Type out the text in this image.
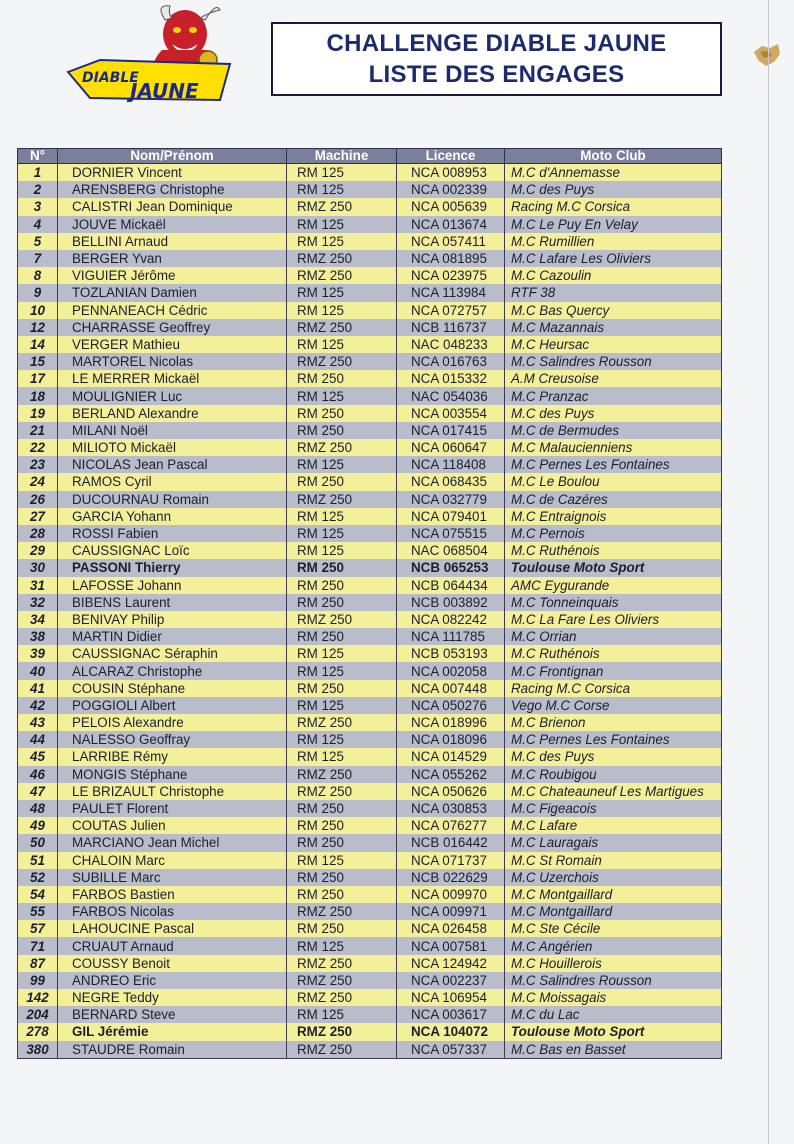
DIABLE
JAUNE
CHALLENGE DIABLE JAUNE
LISTE DES ENGAGES
N°	Nom/Prénom	Machine	Licence	Moto Club
1	DORNIER Vincent	RM 125	NCA 008953	M.C d'Annemasse
2	ARENSBERG Christophe	RM 125	NCA 002339	M.C des Puys
3	CALISTRI Jean Dominique	RMZ 250	NCA 005639	Racing M.C Corsica
4	JOUVE Mickaël	RM 125	NCA 013674	M.C Le Puy En Velay
5	BELLINI Arnaud	RM 125	NCA 057411	M.C Rumillien
7	BERGER Yvan	RMZ 250	NCA 081895	M.C Lafare Les Oliviers
8	VIGUIER Jérôme	RMZ 250	NCA 023975	M.C Cazoulin
9	TOZLANIAN Damien	RM 125	NCA 113984	RTF 38
10	PENNANEACH Cédric	RM 125	NCA 072757	M.C Bas Quercy
12	CHARRASSE Geoffrey	RMZ 250	NCB 116737	M.C Mazannais
14	VERGER Mathieu	RM 125	NAC 048233	M.C Heursac
15	MARTOREL Nicolas	RMZ 250	NCA 016763	M.C Salindres Rousson
17	LE MERRER Mickaël	RM 250	NCA 015332	A.M Creusoise
18	MOULIGNIER Luc	RM 125	NAC 054036	M.C Pranzac
19	BERLAND Alexandre	RM 250	NCA 003554	M.C des Puys
21	MILANI Noël	RM 250	NCA 017415	M.C de Bermudes
22	MILIOTO Mickaël	RMZ 250	NCA 060647	M.C Malaucienniens
23	NICOLAS Jean Pascal	RM 125	NCA 118408	M.C Pernes Les Fontaines
24	RAMOS Cyril	RM 250	NCA 068435	M.C Le Boulou
26	DUCOURNAU Romain	RMZ 250	NCA 032779	M.C de Cazéres
27	GARCIA Yohann	RM 125	NCA 079401	M.C Entraignois
28	ROSSI Fabien	RM 125	NCA 075515	M.C Pernois
29	CAUSSIGNAC Loïc	RM 125	NAC 068504	M.C Ruthénois
30	PASSONI Thierry	RM 250	NCB 065253	Toulouse Moto Sport
31	LAFOSSE Johann	RM 250	NCB 064434	AMC Eygurande
32	BIBENS Laurent	RM 250	NCB 003892	M.C Tonneinquais
34	BENIVAY Philip	RMZ 250	NCA 082242	M.C La Fare Les Oliviers
38	MARTIN Didier	RM 250	NCA 111785	M.C Orrian
39	CAUSSIGNAC Séraphin	RM 125	NCB 053193	M.C Ruthénois
40	ALCARAZ Christophe	RM 125	NCA 002058	M.C Frontignan
41	COUSIN Stéphane	RM 250	NCA 007448	Racing M.C Corsica
42	POGGIOLI Albert	RM 125	NCA 050276	Vego M.C Corse
43	PELOIS Alexandre	RMZ 250	NCA 018996	M.C Brienon
44	NALESSO Geoffray	RM 125	NCA 018096	M.C Pernes Les Fontaines
45	LARRIBE Rémy	RM 125	NCA 014529	M.C des Puys
46	MONGIS Stéphane	RMZ 250	NCA 055262	M.C Roubigou
47	LE BRIZAULT Christophe	RMZ 250	NCA 050626	M.C Chateauneuf Les Martigues
48	PAULET Florent	RM 250	NCA 030853	M.C Figeacois
49	COUTAS Julien	RM 250	NCA 076277	M.C Lafare
50	MARCIANO Jean Michel	RM 250	NCB 016442	M.C Lauragais
51	CHALOIN Marc	RM 125	NCA 071737	M.C St Romain
52	SUBILLE Marc	RM 250	NCB 022629	M.C Uzerchois
54	FARBOS Bastien	RM 250	NCA 009970	M.C Montgaillard
55	FARBOS Nicolas	RMZ 250	NCA 009971	M.C Montgaillard
57	LAHOUCINE Pascal	RM 250	NCA 026458	M.C Ste Cécile
71	CRUAUT Arnaud	RM 125	NCA 007581	M.C Angérien
87	COUSSY Benoit	RMZ 250	NCA 124942	M.C Houillerois
99	ANDREO Eric	RMZ 250	NCA 002237	M.C Salindres Rousson
142	NEGRE Teddy	RMZ 250	NCA 106954	M.C Moissagais
204	BERNARD Steve	RM 125	NCA 003617	M.C du Lac
278	GIL Jérémie	RMZ 250	NCA 104072	Toulouse Moto Sport
380	STAUDRE Romain	RMZ 250	NCA 057337	M.C Bas en Basset
